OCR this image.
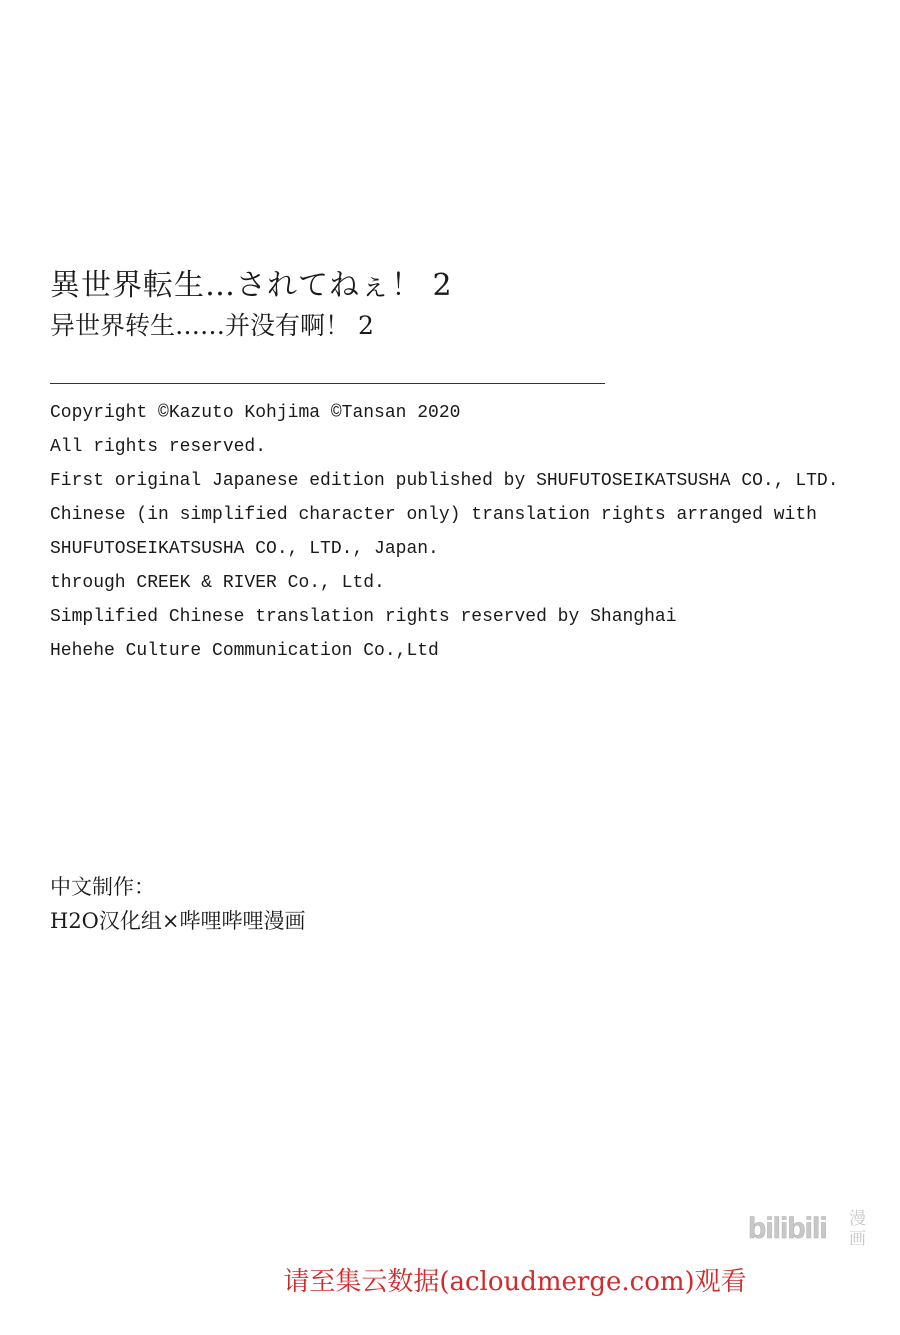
異世界転生…されてねぇ！ 2
异世界转生……并没有啊！ 2
Copyright ©Kazuto Kohjima ©Tansan 2020
All rights reserved.
First original Japanese edition published by SHUFUTOSEIKATSUSHA CO., LTD.
Chinese (in simplified character only) translation rights arranged with
SHUFUTOSEIKATSUSHA CO., LTD., Japan.
through CREEK & RIVER Co., Ltd.
Simplified Chinese translation rights reserved by Shanghai
Hehehe Culture Communication Co.,Ltd
中文制作：
H2O汉化组×哔哩哔哩漫画
bilibili 漫
画
请至集云数据(acloudmerge.com)观看
